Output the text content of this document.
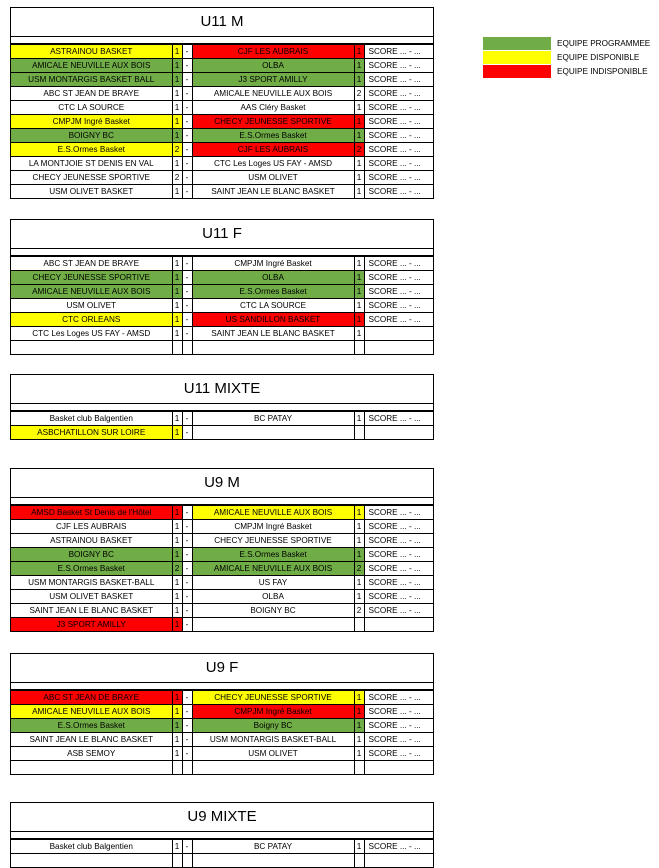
U11 M
ASTRAINOU BASKET	1	-	CJF LES AUBRAIS	1	SCORE ... - ...
AMICALE NEUVILLE AUX BOIS	1	-	OLBA	1	SCORE ... - ...
USM MONTARGIS BASKET BALL	1	-	J3 SPORT AMILLY	1	SCORE ... - ...
ABC ST JEAN DE BRAYE	1	-	AMICALE NEUVILLE AUX BOIS	2	SCORE ... - ...
CTC LA SOURCE	1	-	AAS Cléry Basket	1	SCORE ... - ...
CMPJM Ingré Basket	1	-	CHECY JEUNESSE SPORTIVE	1	SCORE ... - ...
BOIGNY BC	1	-	E.S.Ormes Basket	1	SCORE ... - ...
E.S.Ormes Basket	2	-	CJF LES AUBRAIS	2	SCORE ... - ...
LA MONTJOIE ST DENIS EN VAL	1	-	CTC Les Loges US FAY - AMSD	1	SCORE ... - ...
CHECY JEUNESSE SPORTIVE	2	-	USM OLIVET	1	SCORE ... - ...
USM OLIVET BASKET	1	-	SAINT JEAN LE BLANC BASKET	1	SCORE ... - ...
U11 F
ABC ST JEAN DE BRAYE	1	-	CMPJM Ingré Basket	1	SCORE ... - ...
CHECY JEUNESSE SPORTIVE	1	-	OLBA	1	SCORE ... - ...
AMICALE NEUVILLE AUX BOIS	1	-	E.S.Ormes Basket	1	SCORE ... - ...
USM OLIVET	1	-	CTC LA SOURCE	1	SCORE ... - ...
CTC ORLEANS	1	-	US SANDILLON BASKET	1	SCORE ... - ...
CTC Les Loges US FAY - AMSD	1	-	SAINT JEAN LE BLANC BASKET	1	

U11 MIXTE
Basket club Balgentien	1	-	BC PATAY	1	SCORE ... - ...
ASBCHATILLON SUR LOIRE	1	-			
U9 M
AMSD Basket St Denis de l'Hôtel	1	-	AMICALE NEUVILLE AUX BOIS	1	SCORE ... - ...
CJF LES AUBRAIS	1	-	CMPJM Ingré Basket	1	SCORE ... - ...
ASTRAINOU BASKET	1	-	CHECY JEUNESSE SPORTIVE	1	SCORE ... - ...
BOIGNY BC	1	-	E.S.Ormes Basket	1	SCORE ... - ...
E.S.Ormes Basket	2	-	AMICALE NEUVILLE AUX BOIS	2	SCORE ... - ...
USM MONTARGIS BASKET-BALL	1	-	US FAY	1	SCORE ... - ...
USM OLIVET BASKET	1	-	OLBA	1	SCORE ... - ...
SAINT JEAN LE BLANC BASKET	1	-	BOIGNY BC	2	SCORE ... - ...
J3 SPORT AMILLY	1	-			
U9 F
ABC ST JEAN DE BRAYE	1	-	CHECY JEUNESSE SPORTIVE	1	SCORE ... - ...
AMICALE NEUVILLE AUX BOIS	1	-	CMPJM Ingré Basket	1	SCORE ... - ...
E.S.Ormes Basket	1	-	Boigny BC	1	SCORE ... - ...
SAINT JEAN LE BLANC BASKET	1	-	USM MONTARGIS BASKET-BALL	1	SCORE ... - ...
ASB SEMOY	1	-	USM OLIVET	1	SCORE ... - ...

U9 MIXTE
Basket club Balgentien	1	-	BC PATAY	1	SCORE ... - ...

EQUIPE PROGRAMMEE
EQUIPE DISPONIBLE
EQUIPE INDISPONIBLE
